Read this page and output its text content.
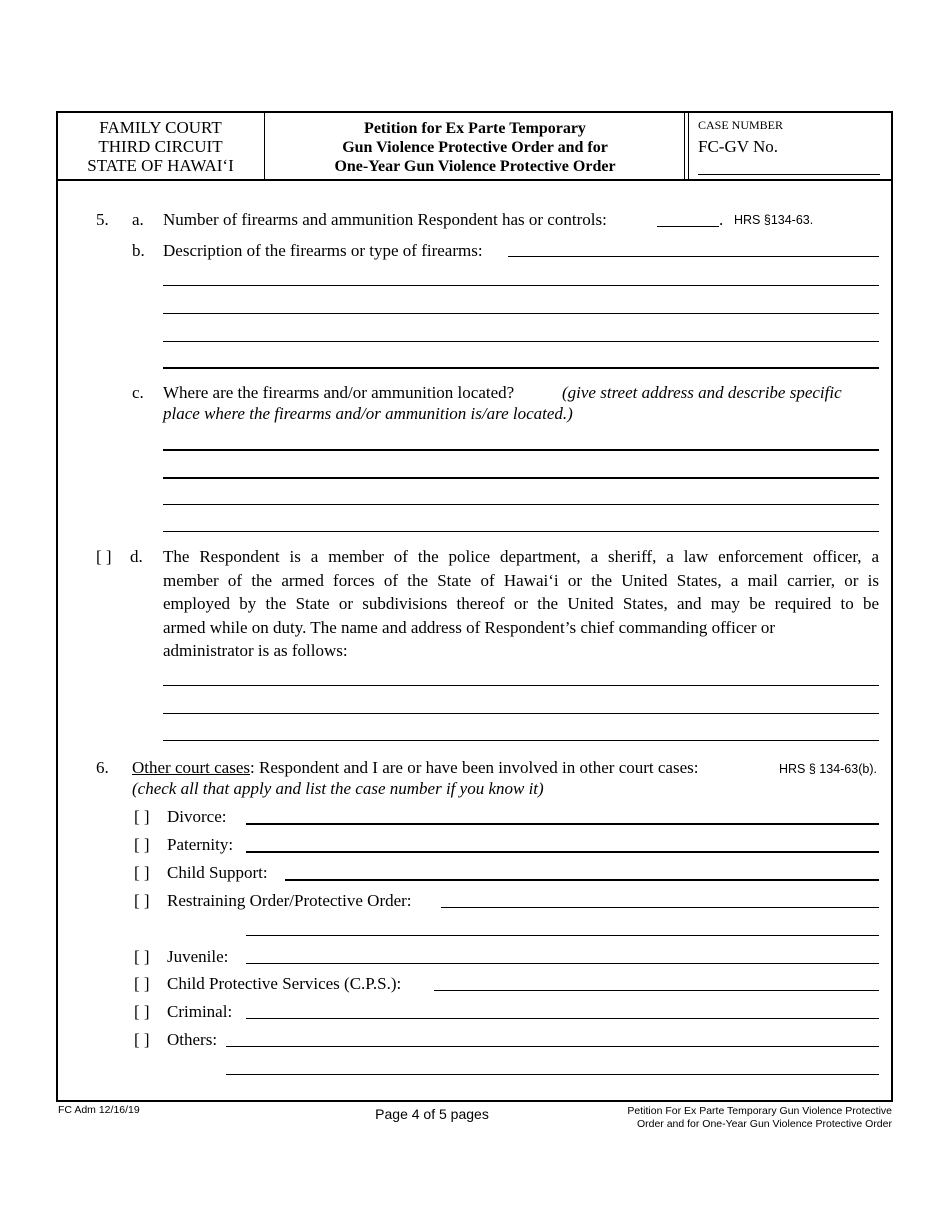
FAMILY COURT
THIRD CIRCUIT
STATE OF HAWAI‘I
Petition for Ex Parte Temporary
Gun Violence Protective Order and for
One-Year Gun Violence Protective Order
CASE NUMBER
FC-GV No.
5. a. Number of firearms and ammunition Respondent has or controls:	. HRS §134-63.
b. Description of the firearms or type of firearms:
c. Where are the firearms and/or ammunition located?	(give street address and describe specific
place where the firearms and/or ammunition is/are located.)
[ ] d. The Respondent is a member of the police department, a sheriff, a law enforcement officer, a
member of the armed forces of the State of Hawai‘i or the United States, a mail carrier, or is
employed by the State or subdivisions thereof or the United States, and may be required to be
armed while on duty. The name and address of Respondent’s chief commanding officer or
administrator is as follows:
6. Other court cases: Respondent and I are or have been involved in other court cases:	HRS § 134-63(b).
(check all that apply and list the case number if you know it)
[ ] Divorce:
[ ] Paternity:
[ ] Child Support:
[ ] Restraining Order/Protective Order:
[ ] Juvenile:
[ ] Child Protective Services (C.P.S.):
[ ] Criminal:
[ ] Others:
FC Adm 12/16/19	Page 4 of 5 pages	Petition For Ex Parte Temporary Gun Violence Protective
Order and for One-Year Gun Violence Protective Order
